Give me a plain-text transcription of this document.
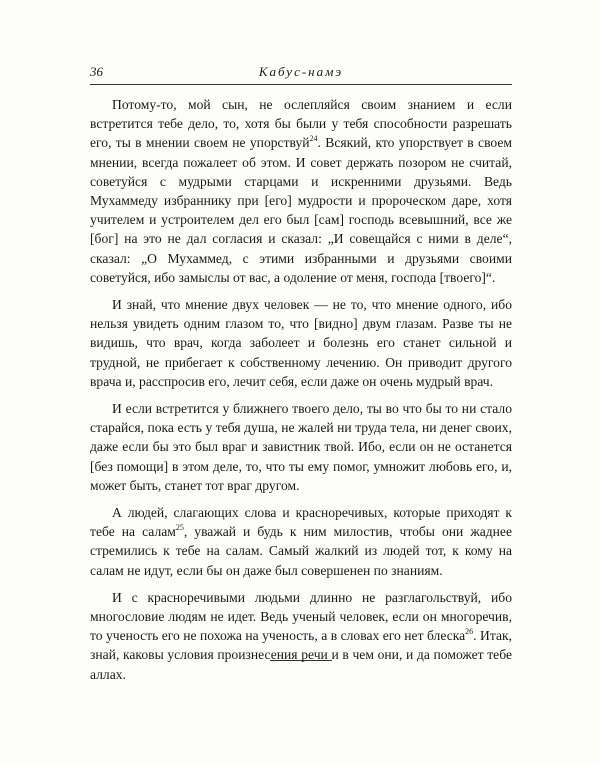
36	Кабус-намэ

Потому-то, мой сын, не ослепляйся своим знанием и если встретится тебе дело, то, хотя бы были у тебя способности разрешать его, ты в мнении своем не упорствуй$^{24}$. Всякий, кто упорствует в своем мнении, всегда пожалеет об этом. И совет держать позором не считай, советуйся с мудрыми старцами и искренними друзьями. Ведь Мухаммеду избраннику при [его] мудрости и пророческом даре, хотя учителем и устроителем дел его был [сам] господь всевышний, все же [бог] на это не дал согласия и сказал: „И совещайся с ними в деле“, сказал: „О Мухаммед, с этими избранными и друзьями своими советуйся, ибо замыслы от вас, а одоление от меня, господа [твоего]“.

И знай, что мнение двух человек — не то, что мнение одного, ибо нельзя увидеть одним глазом то, что [видно] двум глазам. Разве ты не видишь, что врач, когда заболеет и болезнь его станет сильной и трудной, не прибегает к собственному лечению. Он приводит другого врача и, расспросив его, лечит себя, если даже он очень мудрый врач.

И если встретится у ближнего твоего дело, ты во что бы то ни стало старайся, пока есть у тебя душа, не жалей ни труда тела, ни денег своих, даже если бы это был враг и завистник твой. Ибо, если он не останется [без помощи] в этом деле, то, что ты ему помог, умножит любовь его, и, может быть, станет тот враг другом.

А людей, слагающих слова и красноречивых, которые приходят к тебе на салам$^{25}$, уважай и будь к ним милостив, чтобы они жаднее стремились к тебе на салам. Самый жалкий из людей тот, к кому на салам не идут, если бы он даже был совершенен по знаниям.

И с красноречивыми людьми длинно не разглагольствуй, ибо многословие людям не идет. Ведь ученый человек, если он многоречив, то ученость его не похожа на ученость, а в словах его нет блеска$^{26}$. Итак, знай, каковы условия произнесения речи и в чем они, и да поможет тебе аллах.
